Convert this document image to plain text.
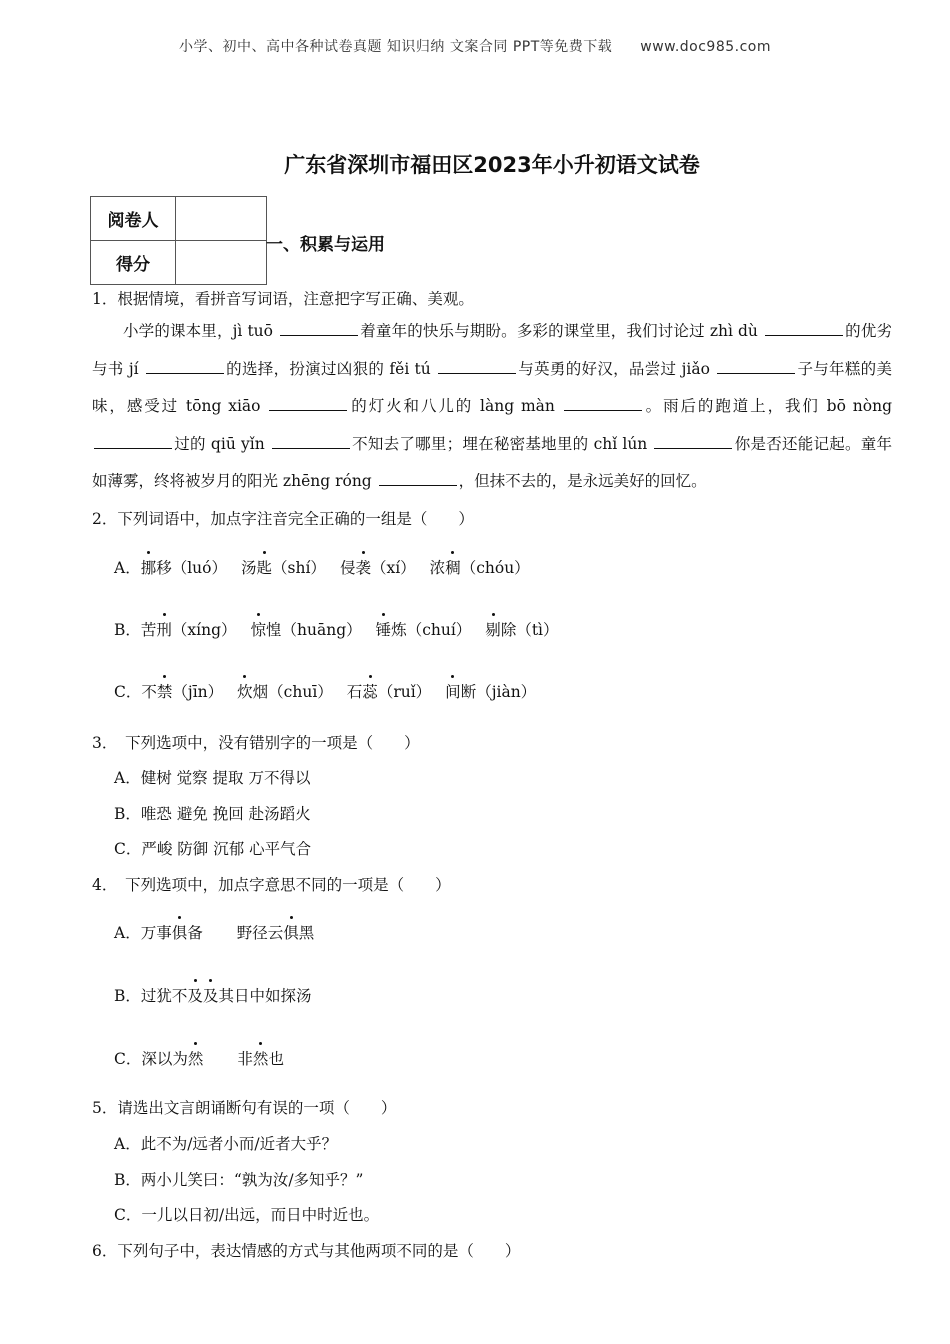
小学、初中、高中各种试卷真题 知识归纳 文案合同 PPT等免费下载 www.doc985.com
广东省深圳市福田区2023年小升初语文试卷
阅卷人	
得分	
一、积累与运用
1．根据情境，看拼音写词语，注意把字写正确、美观。
小学的课本里，jì tuō	着童年的快乐与期盼。多彩的课堂里，我们讨论过 zhì dù	的优劣与书 jí	的选择，扮演过凶狠的 fěi tú	与英勇的好汉，品尝过 jiǎo	子与年糕的美味，感受过 tōng xiāo	的灯火和八儿的 làng màn	。雨后的跑道上，我们 bō nòng 过的 qiū yǐn	不知去了哪里；埋在秘密基地里的 chǐ lún	你是否还能记起。童年如薄雾，终将被岁月的阳光 zhēng róng	，但抹不去的，是永远美好的回忆。
2．下列词语中，加点字注音完全正确的一组是（　　）
A．挪移（luó） 汤匙（shí） 侵袭（xí） 浓稠（chóu）
B．苦刑（xíng） 惊惶（huāng） 锤炼（chuí） 剔除（tì）
C．不禁（jīn） 炊烟（chuī） 石蕊（ruǐ） 间断（jiàn）
3．　下列选项中，没有错别字的一项是（　　）
A．健树 觉察 提取 万不得以
B．唯恐 避免 挽回 赴汤蹈火
C．严峻 防御 沉郁 心平气合
4．　下列选项中，加点字意思不同的一项是（　　）
A．万事俱备 野径云俱黑
B．过犹不及及其日中如探汤
C．深以为然 非然也
5．请选出文言朗诵断句有误的一项（　　）
A．此不为/远者小而/近者大乎？
B．两小儿笑曰：“孰为汝/多知乎？”
C．一儿以日初/出远，而日中时近也。
6．下列句子中，表达情感的方式与其他两项不同的是（　　）
